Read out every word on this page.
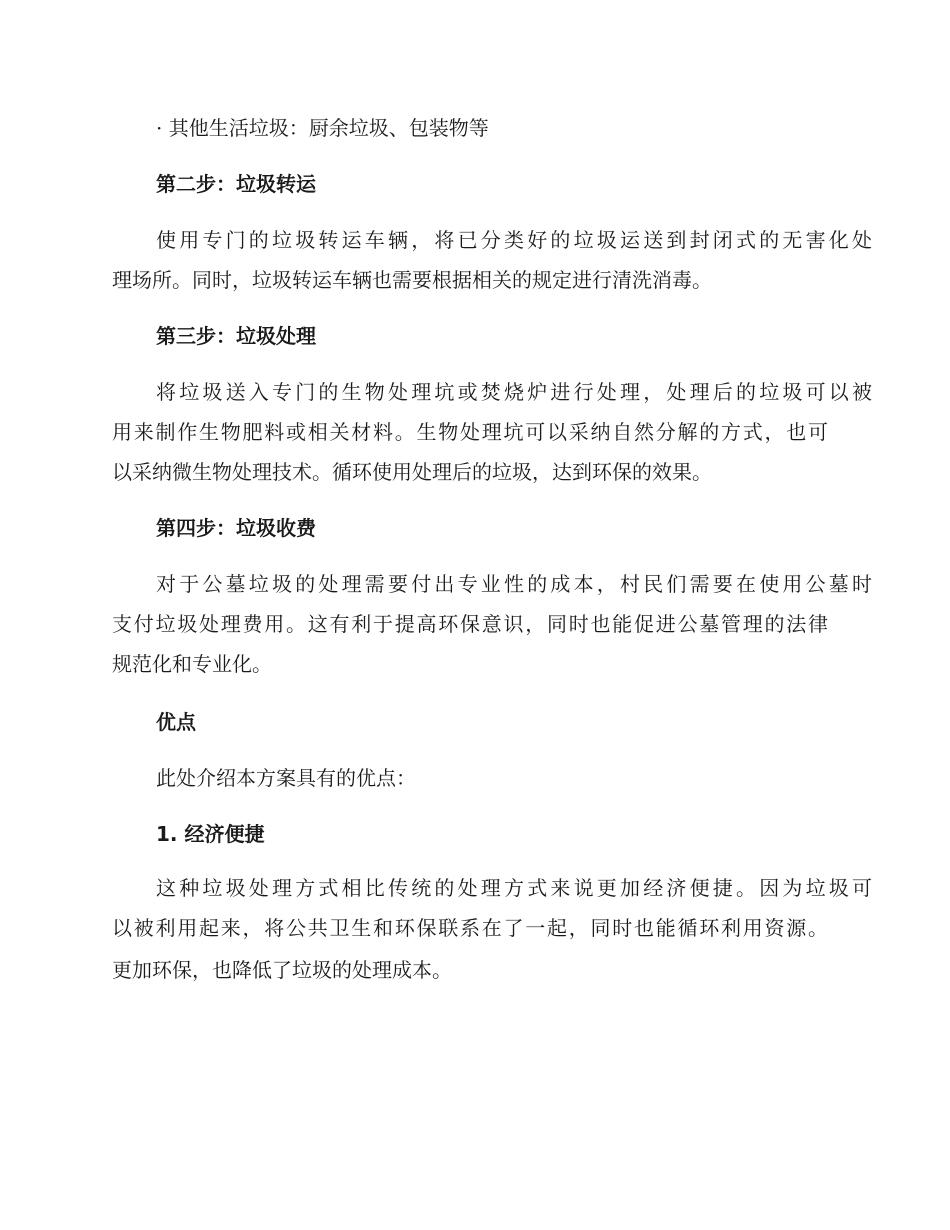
· 其他生活垃圾：厨余垃圾、包装物等
第二步：垃圾转运
使用专门的垃圾转运车辆，将已分类好的垃圾运送到封闭式的无害化处
理场所。同时，垃圾转运车辆也需要根据相关的规定进行清洗消毒。
第三步：垃圾处理
将垃圾送入专门的生物处理坑或焚烧炉进行处理，处理后的垃圾可以被
用来制作生物肥料或相关材料。生物处理坑可以采纳自然分解的方式，也可
以采纳微生物处理技术。循环使用处理后的垃圾，达到环保的效果。
第四步：垃圾收费
对于公墓垃圾的处理需要付出专业性的成本，村民们需要在使用公墓时
支付垃圾处理费用。这有利于提高环保意识，同时也能促进公墓管理的法律
规范化和专业化。
优点
此处介绍本方案具有的优点：
1. 经济便捷
这种垃圾处理方式相比传统的处理方式来说更加经济便捷。因为垃圾可
以被利用起来，将公共卫生和环保联系在了一起，同时也能循环利用资源。
更加环保，也降低了垃圾的处理成本。
